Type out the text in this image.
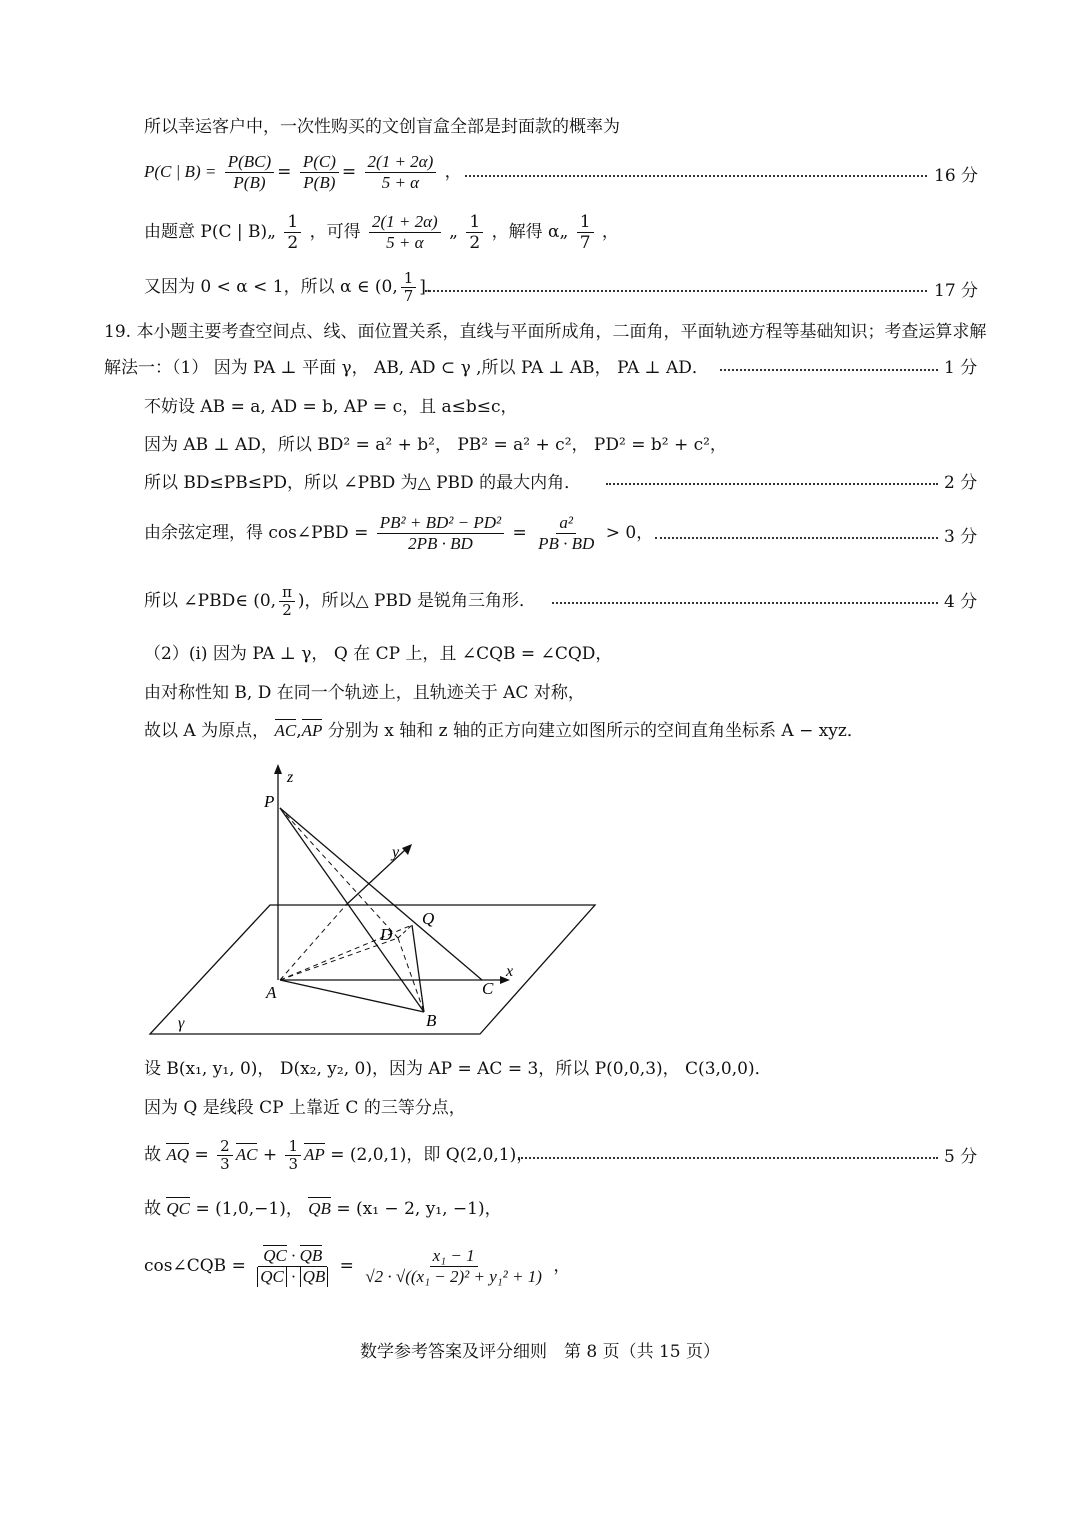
所以幸运客户中，一次性购买的文创盲盒全部是封面款的概率为
P(C | $B) = \frac{P(BC)}{P(B)} = \frac{P(C)}{P(B)} = \frac{2(1 + 2\alpha)}{5 + \alpha}$ ，	16 分
由题意 P(C | B)„ $\frac{1}{2}$ ，可得 $\frac{2(1 + 2\alpha)}{5 + \alpha}$ „ $\frac{1}{2}$ ，解得 α„ $\frac{1}{7}$ ，
又因为 0 < α < 1，所以 α ∈ (0, $\frac{1}{7}$ ].	17 分
19. 本小题主要考查空间点、线、面位置关系，直线与平面所成角，二面角，平面轨迹方程等基础知识；考查运算求解
解法一：（1） 因为 PA ⊥ 平面 γ， AB, AD ⊂ γ ,所以 PA ⊥ AB， PA ⊥ AD．	1 分
不妨设 AB = a, AD = b, AP = c，且 a≤b≤c，
因为 AB ⊥ AD，所以 BD² = a² + b²， PB² = a² + c²， PD² = b² + c²，
所以 BD≤PB≤PD，所以 ∠PBD 为△ PBD 的最大内角．	2 分
由余弦定理，得 cos∠PBD = $\frac{\text{PB² + BD² − PD²}}{2PB \cdot BD} = \frac{\text{a²}}{PB \cdot BD} > 0$，	3 分
所以 ∠PBD∈ (0, $\frac{\pi}{2}$ )，所以△ PBD 是锐角三角形．	4 分
（2）(i) 因为 PA ⊥ γ， Q 在 CP 上，且 ∠CQB = ∠CQD，
由对称性知 B, D 在同一个轨迹上，且轨迹关于 AC 对称，
故以 A 为原点， AC,AP 分别为 x 轴和 z 轴的正方向建立如图所示的空间直角坐标系 A − xyz．
z
y
x
P
Q
D
A	C
B
γ
设 B(x₁, y₁, 0)， D(x₂, y₂, 0)，因为 AP = AC = 3，所以 P(0,0,3)， C(3,0,0)．
因为 Q 是线段 CP 上靠近 C 的三等分点，
故 AQ = $\frac{2}{3}$ AC + $\frac{1}{3}$ AP = (2,0,1)，即 Q(2,0,1)，	5 分
故 QC = (1,0,−1)， QB = (x₁ − 2, y₁, −1)，
cos∠CQB = $\frac{QC \cdot QB}{QC \cdot QB} = \frac{\text{x₁ − 1}}{\text{√2 · √((x₁ − 2)² + y₁² + 1)}}$ ，
数学参考答案及评分细则　第 8 页（共 15 页）
